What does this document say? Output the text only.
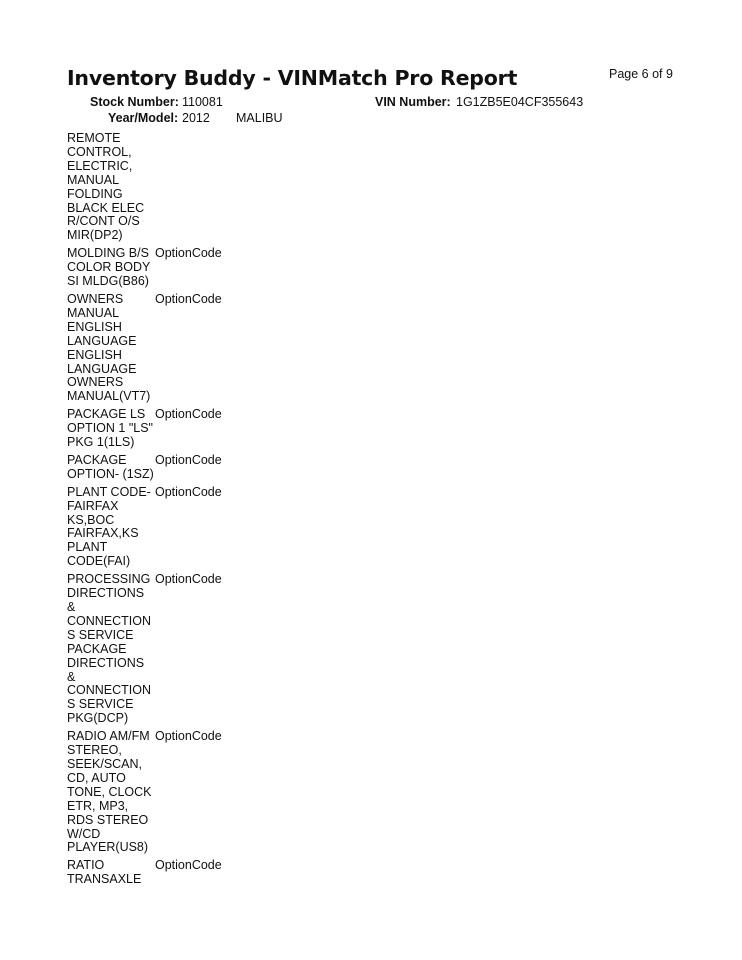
Inventory Buddy - VINMatch Pro Report	Page 6 of 9
Stock Number: 110081	VIN Number: 1G1ZB5E04CF355643
Year/Model: 2012 MALIBU
REMOTE
CONTROL,
ELECTRIC,
MANUAL
FOLDING
BLACK ELEC
R/CONT O/S
MIR(DP2)
MOLDING B/S
COLOR BODY
SI MLDG(B86)
OptionCode
OWNERS
MANUAL
ENGLISH
LANGUAGE
ENGLISH
LANGUAGE
OWNERS
MANUAL(VT7)
OptionCode
PACKAGE LS
OPTION 1 "LS"
PKG 1(1LS)
OptionCode
PACKAGE
OPTION- (1SZ)
OptionCode
PLANT CODE-
FAIRFAX
KS,BOC
FAIRFAX,KS
PLANT
CODE(FAI)
OptionCode
PROCESSING
DIRECTIONS
&
CONNECTION
S SERVICE
PACKAGE
DIRECTIONS
&
CONNECTION
S SERVICE
PKG(DCP)
OptionCode
RADIO AM/FM
STEREO,
SEEK/SCAN,
CD, AUTO
TONE, CLOCK
ETR, MP3,
RDS STEREO
W/CD
PLAYER(US8)
OptionCode
RATIO
TRANSAXLE
OptionCode
